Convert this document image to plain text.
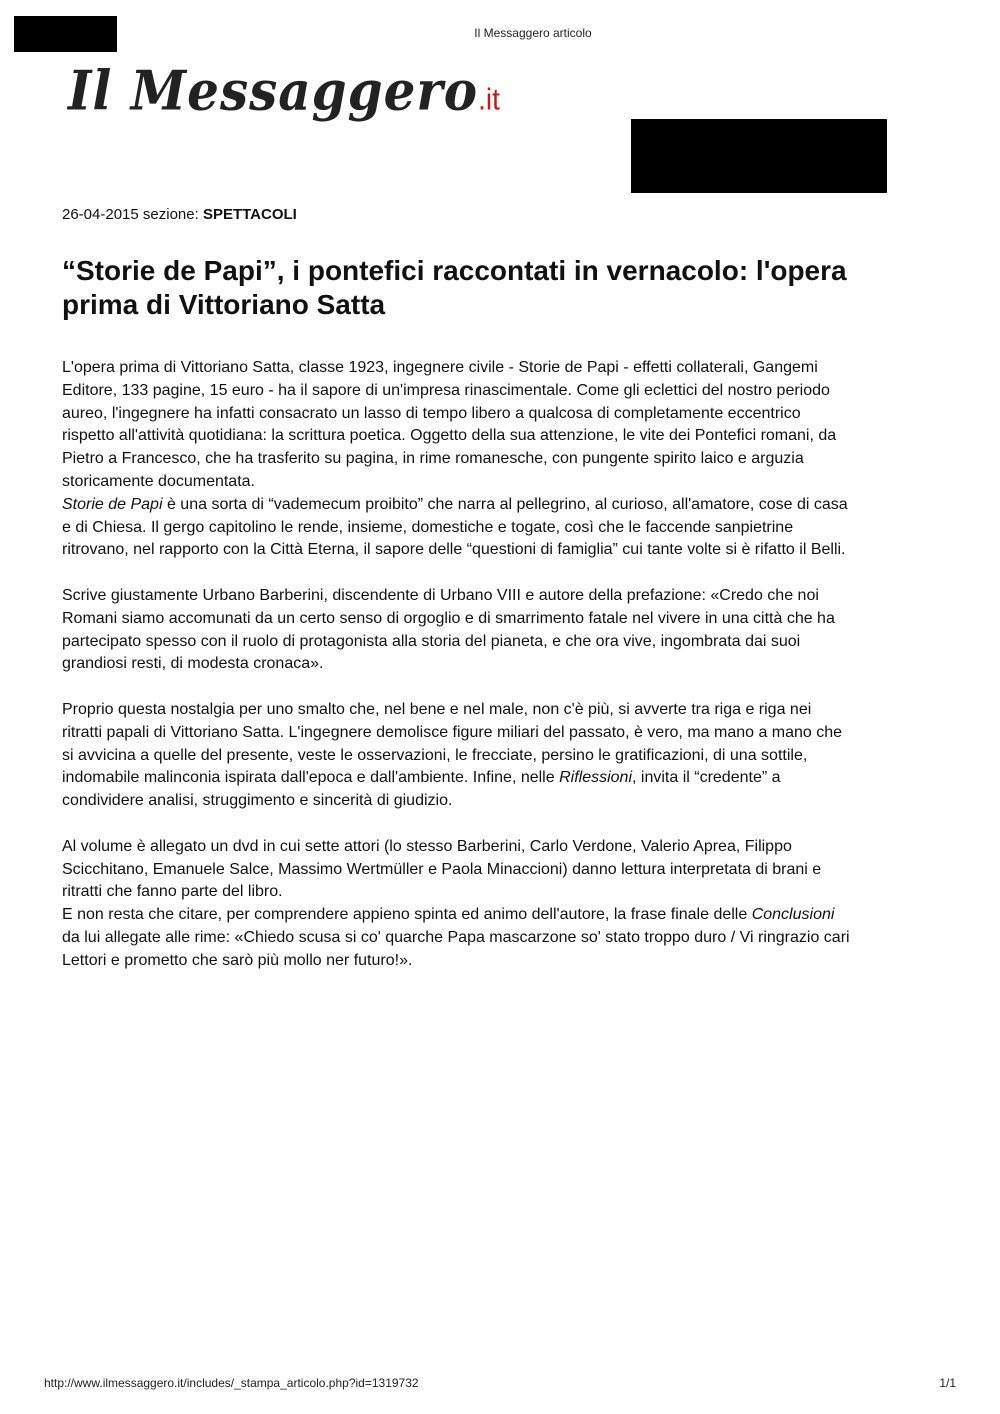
Il Messaggero articolo
Il Messaggero.it
26-04-2015 sezione: SPETTACOLI
“Storie de Papi”, i pontefici raccontati in vernacolo: l'opera prima di Vittoriano Satta

L'opera prima di Vittoriano Satta, classe 1923, ingegnere civile - Storie de Papi - effetti collaterali, Gangemi Editore, 133 pagine, 15 euro - ha il sapore di un'impresa rinascimentale. Come gli eclettici del nostro periodo aureo, l'ingegnere ha infatti consacrato un lasso di tempo libero a qualcosa di completamente eccentrico rispetto all'attività quotidiana: la scrittura poetica. Oggetto della sua attenzione, le vite dei Pontefici romani, da Pietro a Francesco, che ha trasferito su pagina, in rime romanesche, con pungente spirito laico e arguzia storicamente documentata.

Storie de Papi è una sorta di “vademecum proibito” che narra al pellegrino, al curioso, all'amatore, cose di casa e di Chiesa. Il gergo capitolino le rende, insieme, domestiche e togate, così che le faccende sanpietrine ritrovano, nel rapporto con la Città Eterna, il sapore delle “questioni di famiglia” cui tante volte si è rifatto il Belli.

Scrive giustamente Urbano Barberini, discendente di Urbano VIII e autore della prefazione: «Credo che noi Romani siamo accomunati da un certo senso di orgoglio e di smarrimento fatale nel vivere in una città che ha partecipato spesso con il ruolo di protagonista alla storia del pianeta, e che ora vive, ingombrata dai suoi grandiosi resti, di modesta cronaca».

Proprio questa nostalgia per uno smalto che, nel bene e nel male, non c'è più, si avverte tra riga e riga nei ritratti papali di Vittoriano Satta. L'ingegnere demolisce figure miliari del passato, è vero, ma mano a mano che si avvicina a quelle del presente, veste le osservazioni, le frecciate, persino le gratificazioni, di una sottile, indomabile malinconia ispirata dall'epoca e dall'ambiente. Infine, nelle Riflessioni, invita il “credente” a condividere analisi, struggimento e sincerità di giudizio.

Al volume è allegato un dvd in cui sette attori (lo stesso Barberini, Carlo Verdone, Valerio Aprea, Filippo Scicchitano, Emanuele Salce, Massimo Wertmüller e Paola Minaccioni) danno lettura interpretata di brani e ritratti che fanno parte del libro.

E non resta che citare, per comprendere appieno spinta ed animo dell'autore, la frase finale delle Conclusioni da lui allegate alle rime: «Chiedo scusa si co' quarche Papa mascarzone so' stato troppo duro / Vi ringrazio cari Lettori e prometto che sarò più mollo ner futuro!».

http://www.ilmessaggero.it/includes/_stampa_articolo.php?id=1319732	1/1
